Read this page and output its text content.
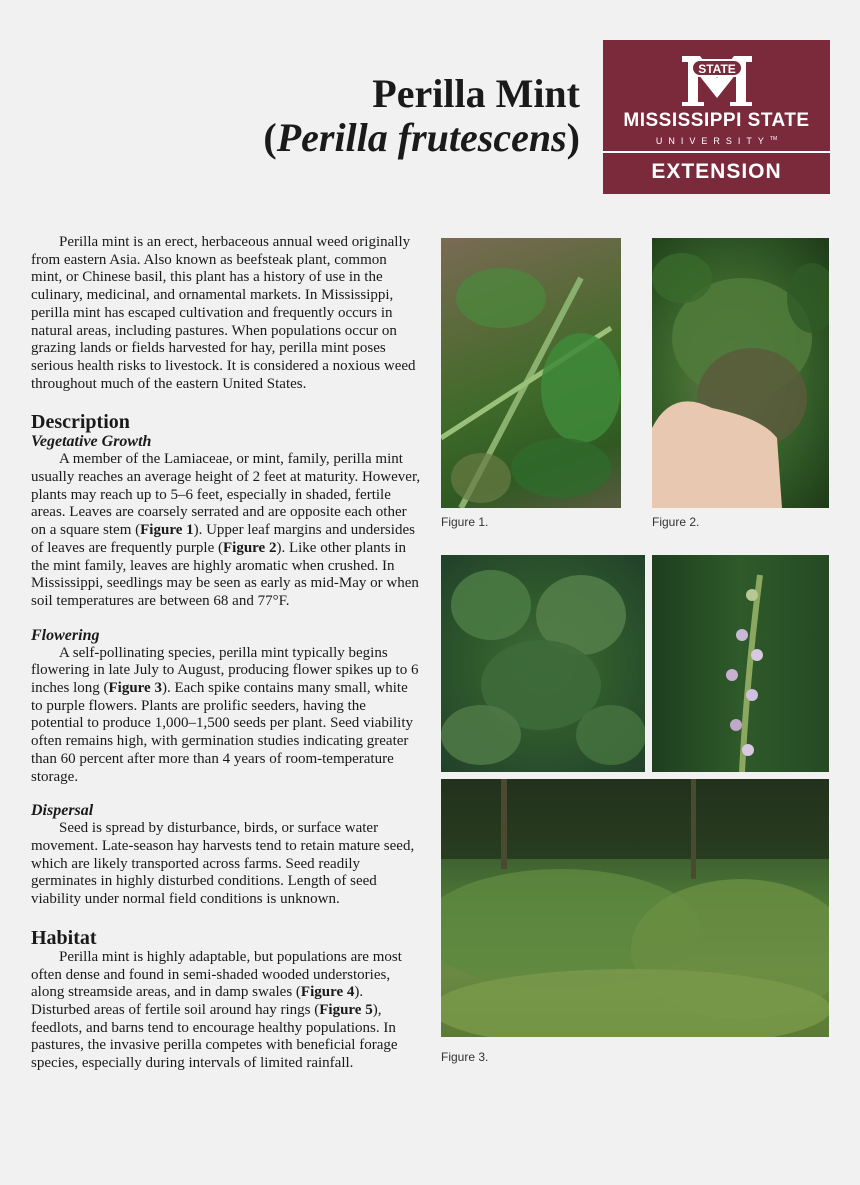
Perilla Mint
(Perilla frutescens)
STATE
MISSISSIPPI STATE
UNIVERSITY™
EXTENSION

Perilla mint is an erect, herbaceous annual weed originally from eastern Asia. Also known as beefsteak plant, common mint, or Chinese basil, this plant has a history of use in the culinary, medicinal, and ornamental markets. In Mississippi, perilla mint has escaped cultivation and frequently occurs in natural areas, including pastures. When populations occur on grazing lands or fields harvested for hay, perilla mint poses serious health risks to livestock. It is considered a noxious weed throughout much of the eastern United States.

Description
Vegetative Growth

A member of the Lamiaceae, or mint, family, perilla mint usually reaches an average height of 2 feet at maturity. However, plants may reach up to 5–6 feet, especially in shaded, fertile areas. Leaves are coarsely serrated and are opposite each other on a square stem (Figure 1). Upper leaf margins and undersides of leaves are frequently purple (Figure 2). Like other plants in the mint family, leaves are highly aromatic when crushed. In Mississippi, seedlings may be seen as early as mid-May or when soil temperatures are between 68 and 77°F.

Flowering

A self-pollinating species, perilla mint typically begins flowering in late July to August, producing flower spikes up to 6 inches long (Figure 3). Each spike contains many small, white to purple flowers. Plants are prolific seeders, having the potential to produce 1,000–1,500 seeds per plant. Seed viability often remains high, with germination studies indicating greater than 60 percent after more than 4 years of room-temperature storage.

Dispersal

Seed is spread by disturbance, birds, or surface water movement. Late-season hay harvests tend to retain mature seed, which are likely transported across farms. Seed readily germinates in highly disturbed conditions. Length of seed viability under normal field conditions is unknown.

Habitat

Perilla mint is highly adaptable, but populations are most often dense and found in semi-shaded wooded understories, along streamside areas, and in damp swales (Figure 4). Disturbed areas of fertile soil around hay rings (Figure 5), feedlots, and barns tend to encourage healthy populations. In pastures, the invasive perilla competes with beneficial forage species, especially during intervals of limited rainfall.

Figure 1.	Figure 2.
Figure 3.
